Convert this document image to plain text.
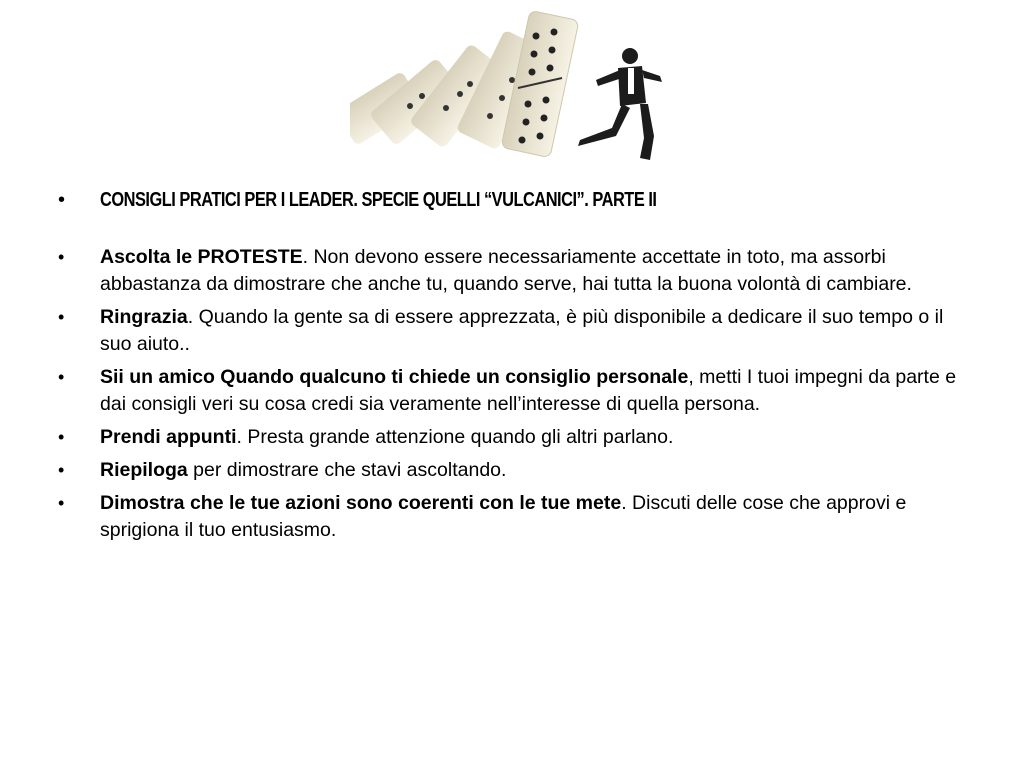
•	CONSIGLI PRATICI PER I LEADER. SPECIE QUELLI “VULCANICI”. PARTE II
•	Ascolta le PROTESTE. Non devono essere necessariamente accettate in toto, ma assorbi abbastanza da dimostrare che anche tu, quando serve, hai tutta la buona volontà di cambiare.
•	Ringrazia. Quando la gente sa di essere apprezzata, è più disponibile a dedicare il suo tempo o il suo aiuto..
•	Sii un amico Quando qualcuno ti chiede un consiglio personale, metti I tuoi impegni da parte e dai consigli veri su cosa credi sia veramente nell’interesse di quella persona.
•	Prendi appunti. Presta grande attenzione quando gli altri parlano.
•	Riepiloga per dimostrare che stavi ascoltando.
•	Dimostra che le tue azioni sono coerenti con le tue mete. Discuti delle cose che approvi e sprigiona il tuo entusiasmo.
